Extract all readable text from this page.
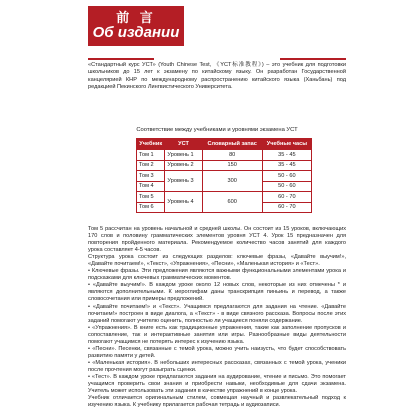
前 言
Об издании

«Стандартный курс УСТ» (Youth Chinese Test, 《YCT标准教程》) – это учебник для подготовки школьников до 15 лет к экзамену по китайскому языку. Он разработан Государственной канцелярией КНР по международному распространению китайского языка (Ханьбань) под редакцией Пекинского Лингвистического Университета.

Соответствие между учебниками и уровнями экзамена УСТ
Учебник	УСТ	Словарный запас	Учебные часы
Том 1	Уровень 1	80	35 - 45
Том 2	Уровень 2	150	35 - 45
Том 3	Уровень 3	300	50 - 60
Том 4			50 - 60
Том 5	Уровень 4	600	60 - 70
Том 6			60 - 70

Том 5 рассчитан на уровень начальной и средней школы. Он состоит из 15 уроков, включающих 170 слов и половину грамматических элементов уровня УСТ 4. Урок 15 предназначен для повторения пройденного материала. Рекомендуемое количество часов занятий для каждого урока составляет 4-5 часов.

Структура урока состоит из следующих разделов: ключевые фразы, «Давайте выучим!», «Давайте почитаем!», «Текст», «Упражнения», «Песни», «Маленькая история» и «Тест».

• Ключевые фразы. Эти предложения являются важными функциональными элементами урока и подсказками для ключевых грамматических моментов.

• «Давайте выучим!». В каждом уроке около 12 новых слов, некоторые из них отмечены * и являются дополнительными. К иероглифам даны транскрипция пиньинь и перевод, а также словосочетания или примеры предложений.

• «Давайте почитаем!» и «Текст». Учащимся предлагаются для задания на чтение. «Давайте почитаем!» построен в виде диалога, а «Текст» - в виде связного рассказа. Вопросы после этих заданий помогают учителю оценить, полностью ли учащиеся поняли содержание.

• «Упражнения». В книге есть как традиционные упражнения, такие как заполнение пропусков и сопоставление, так и интерактивные занятия или игры. Разнообразные виды деятельности помогают учащимся не потерять интерес к изучению языка.

• «Песни». Песенки, связанные с темой урока, можно учить наизусть, что будет способствовать развитию памяти у детей.

• «Маленькая история». В небольших интересных рассказах, связанных с темой урока, ученики после прочтения могут разыграть сценки.

• «Тест». В каждом уроке предлагаются задания на аудирование, чтение и письмо. Это помогает учащимся проверить свои знания и приобрести навыки, необходимые для сдачи экзамена. Учитель может использовать эти задания в качестве упражнений в конце урока.

Учебник отличается оригинальным стилем, совмещая научный и развлекательный подход к изучению языка. К учебнику прилагается рабочая тетрадь и аудиозаписи.
